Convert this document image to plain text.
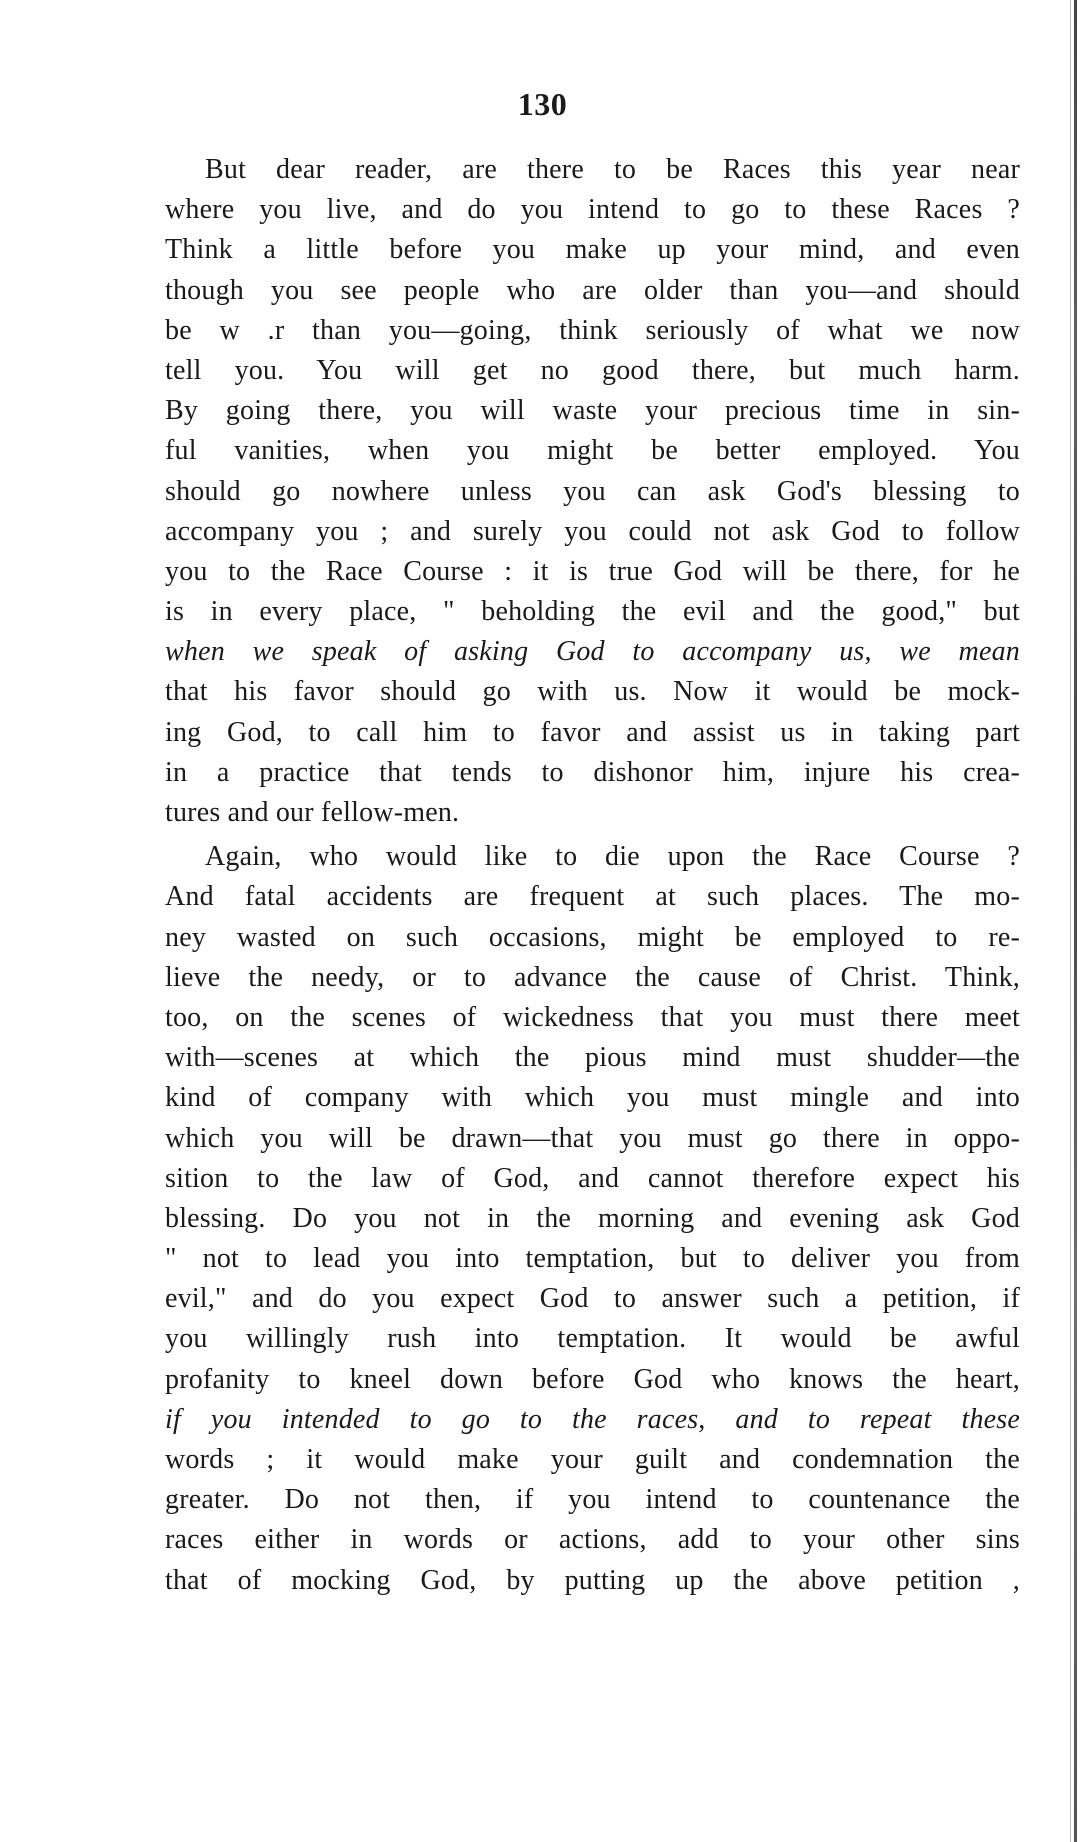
130
But dear reader, are there to be Races this year near
where you live, and do you intend to go to these Races ?
Think a little before you make up your mind, and even
though you see people who are older than you—and should
be w .r than you—going, think seriously of what we now
tell you. You will get no good there, but much harm.
By going there, you will waste your precious time in sin-
ful vanities, when you might be better employed. You
should go nowhere unless you can ask God's blessing to
accompany you ; and surely you could not ask God to follow
you to the Race Course : it is true God will be there, for he
is in every place, " beholding the evil and the good," but
when we speak of asking God to accompany us, we mean
that his favor should go with us. Now it would be mock-
ing God, to call him to favor and assist us in taking part
in a practice that tends to dishonor him, injure his crea-
tures and our fellow-men.
Again, who would like to die upon the Race Course ?
And fatal accidents are frequent at such places. The mo-
ney wasted on such occasions, might be employed to re-
lieve the needy, or to advance the cause of Christ. Think,
too, on the scenes of wickedness that you must there meet
with—scenes at which the pious mind must shudder—the
kind of company with which you must mingle and into
which you will be drawn—that you must go there in oppo-
sition to the law of God, and cannot therefore expect his
blessing. Do you not in the morning and evening ask God
" not to lead you into temptation, but to deliver you from
evil," and do you expect God to answer such a petition, if
you willingly rush into temptation. It would be awful
profanity to kneel down before God who knows the heart,
if you intended to go to the races, and to repeat these
words ; it would make your guilt and condemnation the
greater. Do not then, if you intend to countenance the
races either in words or actions, add to your other sins
that of mocking God, by putting up the above petition ,
